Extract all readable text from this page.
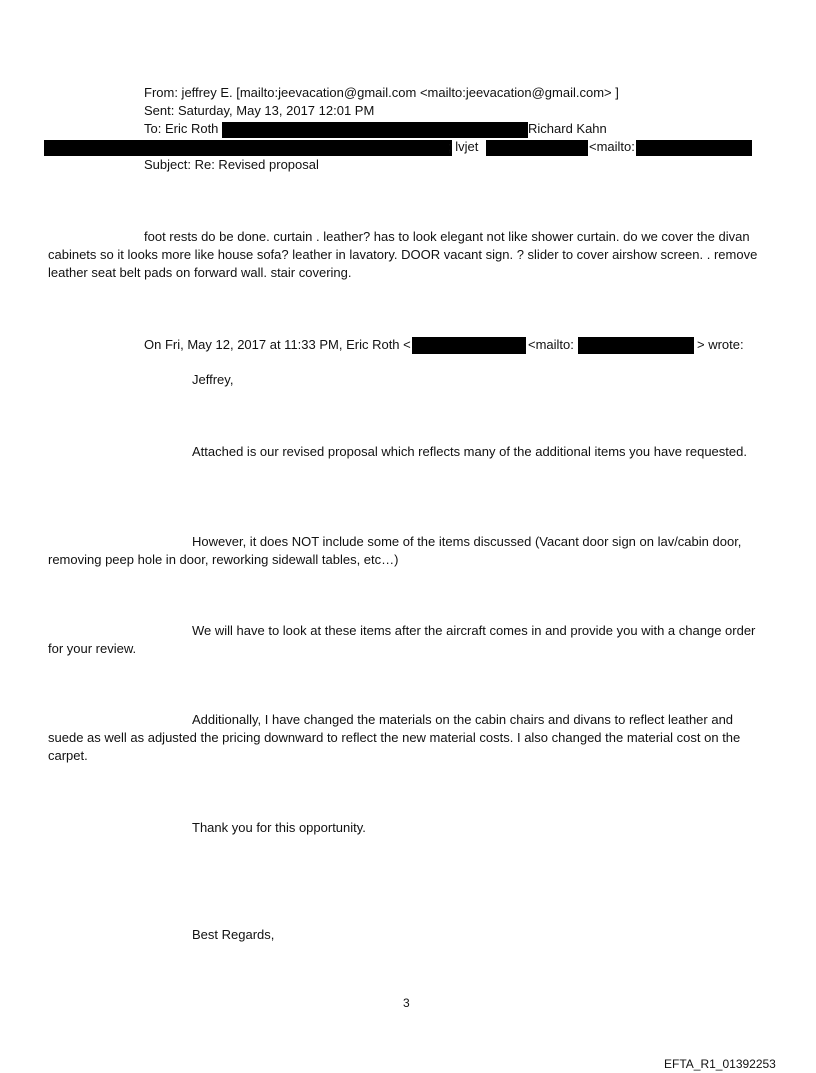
From: jeffrey E. [mailto:jeevacation@gmail.com <mailto:jeevacation@gmail.com> ]
Sent: Saturday, May 13, 2017 12:01 PM
To: Eric Roth	Richard Kahn
; lvjet	<mailto:
Subject: Re: Revised proposal
foot rests do be done. curtain . leather? has to look elegant not like shower curtain. do we cover the divan cabinets so it looks more like house sofa? leather in lavatory. DOOR vacant sign. ? slider to cover airshow screen. . remove leather seat belt pads on forward wall. stair covering.
On Fri, May 12, 2017 at 11:33 PM, Eric Roth <	<mailto:	> wrote:
Jeffrey,
Attached is our revised proposal which reflects many of the additional items you have requested.
However, it does NOT include some of the items discussed (Vacant door sign on lav/cabin door, removing peep hole in door, reworking sidewall tables, etc…)
We will have to look at these items after the aircraft comes in and provide you with a change order for your review.
Additionally, I have changed the materials on the cabin chairs and divans to reflect leather and suede as well as adjusted the pricing downward to reflect the new material costs. I also changed the material cost on the carpet.
Thank you for this opportunity.
Best Regards,
3
EFTA_R1_01392253
